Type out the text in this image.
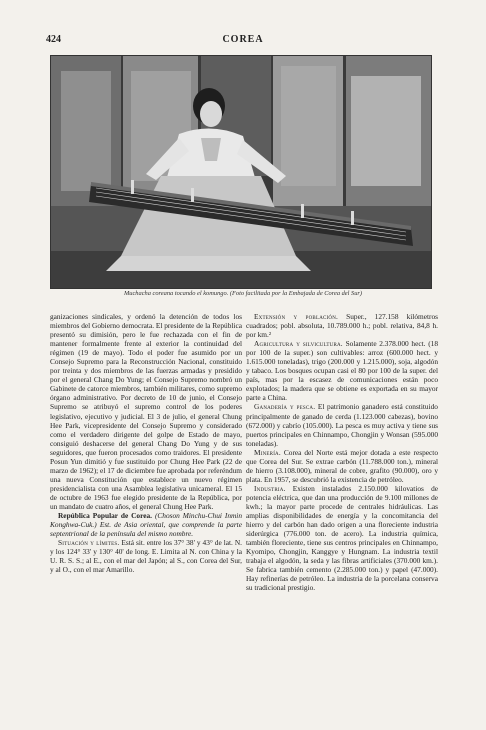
424	COREA
Muchacha coreana tocando el komungo. (Foto facilitada por la Embajada de Corea del Sur)

ganizaciones sindicales, y ordenó la detención de todos los miembros del Gobierno democrata. El presidente de la República presentó su dimisión, pero le fue rechazada con el fin de mantener formalmente frente al exterior la continuidad del régimen (19 de mayo). Todo el poder fue asumido por un Consejo Supremo para la Reconstrucción Nacional, constituido por treinta y dos miembros de las fuerzas armadas y presidido por el general Chang Do Yung; el Consejo Supremo nombró un Gabinete de catorce miembros, también militares, como supremo órgano administrativo. Por decreto de 10 de junio, el Consejo Supremo se atribuyó el supremo control de los poderes legislativo, ejecutivo y judicial. El 3 de julio, el general Chung Hee Park, vicepresidente del Consejo Supremo y considerado como el verdadero dirigente del golpe de Estado de mayo, consiguió deshacerse del general Chang Do Yung y de sus seguidores, que fueron procesados como traidores. El presidente Posun Yun dimitió y fue sustituido por Chung Hee Park (22 de marzo de 1962); el 17 de diciembre fue aprobada por referéndum una nueva Constitución que establece un nuevo régimen presidencialista con una Asamblea legislativa unicameral. El 15 de octubre de 1963 fue elegido presidente de la República, por un mandato de cuatro años, el general Chung Hee Park.

República Popular de Corea. (Choson Minchu-Chui Inmin Konghwa-Cuk.) Est. de Asia oriental, que comprende la parte septentrional de la península del mismo nombre.

Situación y límites. Está sit. entre los 37° 38' y 43° de lat. N. y los 124° 33' y 130° 40' de long. E. Limita al N. con China y la U. R. S. S.; al E., con el mar del Japón; al S., con Corea del Sur, y al O., con el mar Amarillo.

Extensión y población. Super., 127.158 kilómetros cuadrados; pobl. absoluta, 10.789.000 h.; pobl. relativa, 84,8 h. por km.²

Agricultura y silvicultura. Solamente 2.378.000 hect. (18 por 100 de la super.) son cultivables: arroz (600.000 hect. y 1.615.000 toneladas), trigo (200.000 y 1.215.000), soja, algodón y tabaco. Los bosques ocupan casi el 80 por 100 de la super. del país, mas por la escasez de comunicaciones están poco explotados; la madera que se obtiene es exportada en su mayor parte a China.

Ganadería y pesca. El patrimonio ganadero está constituido principalmente de ganado de cerda (1.123.000 cabezas), bovino (672.000) y cabrío (105.000). La pesca es muy activa y tiene sus puertos principales en Chinnampo, Chongjin y Wonsan (595.000 toneladas).

Minería. Corea del Norte está mejor dotada a este respecto que Corea del Sur. Se extrae carbón (11.788.000 ton.), mineral de hierro (3.108.000), mineral de cobre, grafito (90.000), oro y plata. En 1957, se descubrió la existencia de petróleo.

Industria. Existen instalados 2.150.000 kilovatios de potencia eléctrica, que dan una producción de 9.100 millones de kwh.; la mayor parte procede de centrales hidráulicas. Las amplias disponibilidades de energía y la concomitancia del hierro y del carbón han dado origen a una floreciente industria siderúrgica (776.000 ton. de acero). La industria química, también floreciente, tiene sus centros principales en Chinnampo, Kyomipo, Chongjin, Kanggye y Hungnam. La industria textil trabaja el algodón, la seda y las fibras artificiales (370.000 km.). Se fabrica también cemento (2.285.000 ton.) y papel (47.000). Hay refinerías de petróleo. La industria de la porcelana conserva su tradicional prestigio.
